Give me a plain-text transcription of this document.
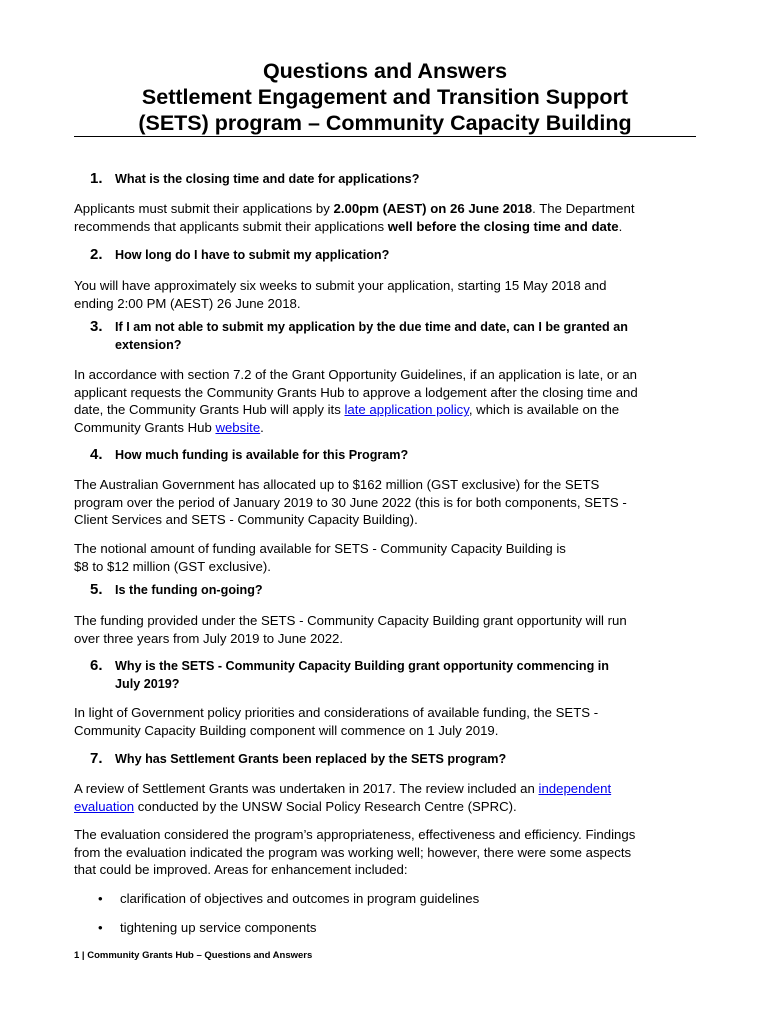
Questions and Answers
Settlement Engagement and Transition Support
(SETS) program – Community Capacity Building
1. What is the closing time and date for applications?
Applicants must submit their applications by 2.00pm (AEST) on 26 June 2018. The Department
recommends that applicants submit their applications well before the closing time and date.
2. How long do I have to submit my application?
You will have approximately six weeks to submit your application, starting 15 May 2018 and
ending 2:00 PM (AEST) 26 June 2018.
3. If I am not able to submit my application by the due time and date, can I be granted an
extension?
In accordance with section 7.2 of the Grant Opportunity Guidelines, if an application is late, or an
applicant requests the Community Grants Hub to approve a lodgement after the closing time and
date, the Community Grants Hub will apply its late application policy, which is available on the
Community Grants Hub website.
4. How much funding is available for this Program?
The Australian Government has allocated up to $162 million (GST exclusive) for the SETS
program over the period of January 2019 to 30 June 2022 (this is for both components, SETS -
Client Services and SETS - Community Capacity Building).
The notional amount of funding available for SETS - Community Capacity Building is
$8 to $12 million (GST exclusive).
5. Is the funding on-going?
The funding provided under the SETS - Community Capacity Building grant opportunity will run
over three years from July 2019 to June 2022.
6. Why is the SETS - Community Capacity Building grant opportunity commencing in
July 2019?
In light of Government policy priorities and considerations of available funding, the SETS -
Community Capacity Building component will commence on 1 July 2019.
7. Why has Settlement Grants been replaced by the SETS program?
A review of Settlement Grants was undertaken in 2017. The review included an independent
evaluation conducted by the UNSW Social Policy Research Centre (SPRC).
The evaluation considered the program’s appropriateness, effectiveness and efficiency. Findings
from the evaluation indicated the program was working well; however, there were some aspects
that could be improved. Areas for enhancement included:
• clarification of objectives and outcomes in program guidelines
• tightening up service components
1 | Community Grants Hub – Questions and Answers
